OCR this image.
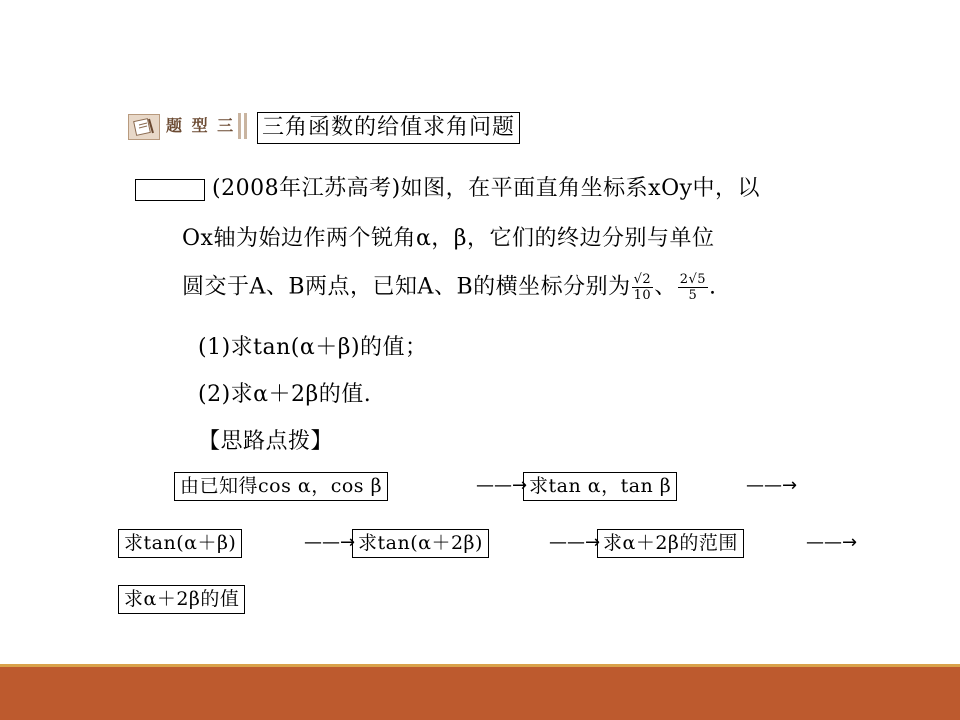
题 型 三 三角函数的给值求角问题
(2008年江苏高考)如图，在平面直角坐标系xOy中，以
Ox轴为始边作两个锐角α，β，它们的终边分别与单位
圆交于A、B两点，已知A、B的横坐标分别为 $\frac{√2}{10}$ 、 $\frac{2√5}{5}$ .
(1)求tan(α＋β)的值；
(2)求α＋2β的值.
【思路点拨】
由已知得cos α，cos β	——→ 求tan α，tan β	——→
求tan(α＋β)	——→ 求tan(α＋2β)	——→ 求α＋2β的范围	——→
求α＋2β的值
